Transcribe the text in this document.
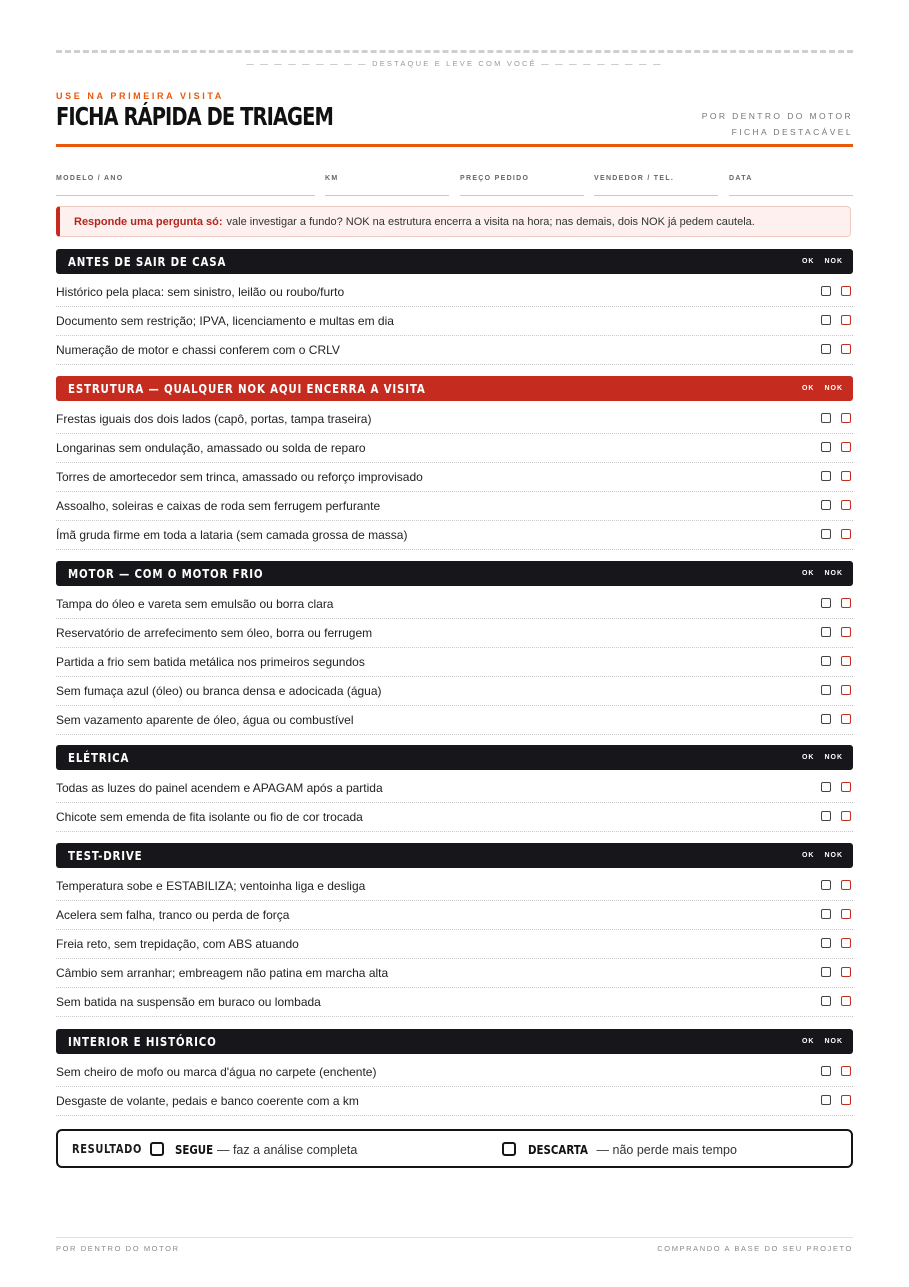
— — — — — — — — — DESTAQUE E LEVE COM VOCÊ — — — — — — — — —
USE NA PRIMEIRA VISITA
FICHA RÁPIDA DE TRIAGEM	POR DENTRO DO MOTOR
FICHA DESTACÁVEL
MODELO / ANO	KM	PREÇO PEDIDO	VENDEDOR / TEL.	DATA
Responde uma pergunta só: vale investigar a fundo? NOK na estrutura encerra a visita na hora; nas demais, dois NOK já pedem cautela.
ANTES DE SAIR DE CASA	OK NOK
Histórico pela placa: sem sinistro, leilão ou roubo/furto
Documento sem restrição; IPVA, licenciamento e multas em dia
Numeração de motor e chassi conferem com o CRLV
ESTRUTURA — QUALQUER NOK AQUI ENCERRA A VISITA	OK NOK
Frestas iguais dos dois lados (capô, portas, tampa traseira)
Longarinas sem ondulação, amassado ou solda de reparo
Torres de amortecedor sem trinca, amassado ou reforço improvisado
Assoalho, soleiras e caixas de roda sem ferrugem perfurante
Ímã gruda firme em toda a lataria (sem camada grossa de massa)
MOTOR — COM O MOTOR FRIO	OK NOK
Tampa do óleo e vareta sem emulsão ou borra clara
Reservatório de arrefecimento sem óleo, borra ou ferrugem
Partida a frio sem batida metálica nos primeiros segundos
Sem fumaça azul (óleo) ou branca densa e adocicada (água)
Sem vazamento aparente de óleo, água ou combustível
ELÉTRICA	OK NOK
Todas as luzes do painel acendem e APAGAM após a partida
Chicote sem emenda de fita isolante ou fio de cor trocada
TEST-DRIVE	OK NOK
Temperatura sobe e ESTABILIZA; ventoinha liga e desliga
Acelera sem falha, tranco ou perda de força
Freia reto, sem trepidação, com ABS atuando
Câmbio sem arranhar; embreagem não patina em marcha alta
Sem batida na suspensão em buraco ou lombada
INTERIOR E HISTÓRICO	OK NOK
Sem cheiro de mofo ou marca d'água no carpete (enchente)
Desgaste de volante, pedais e banco coerente com a km
RESULTADO	SEGUE — faz a análise completa	DESCARTA — não perde mais tempo
POR DENTRO DO MOTOR	COMPRANDO A BASE DO SEU PROJETO
